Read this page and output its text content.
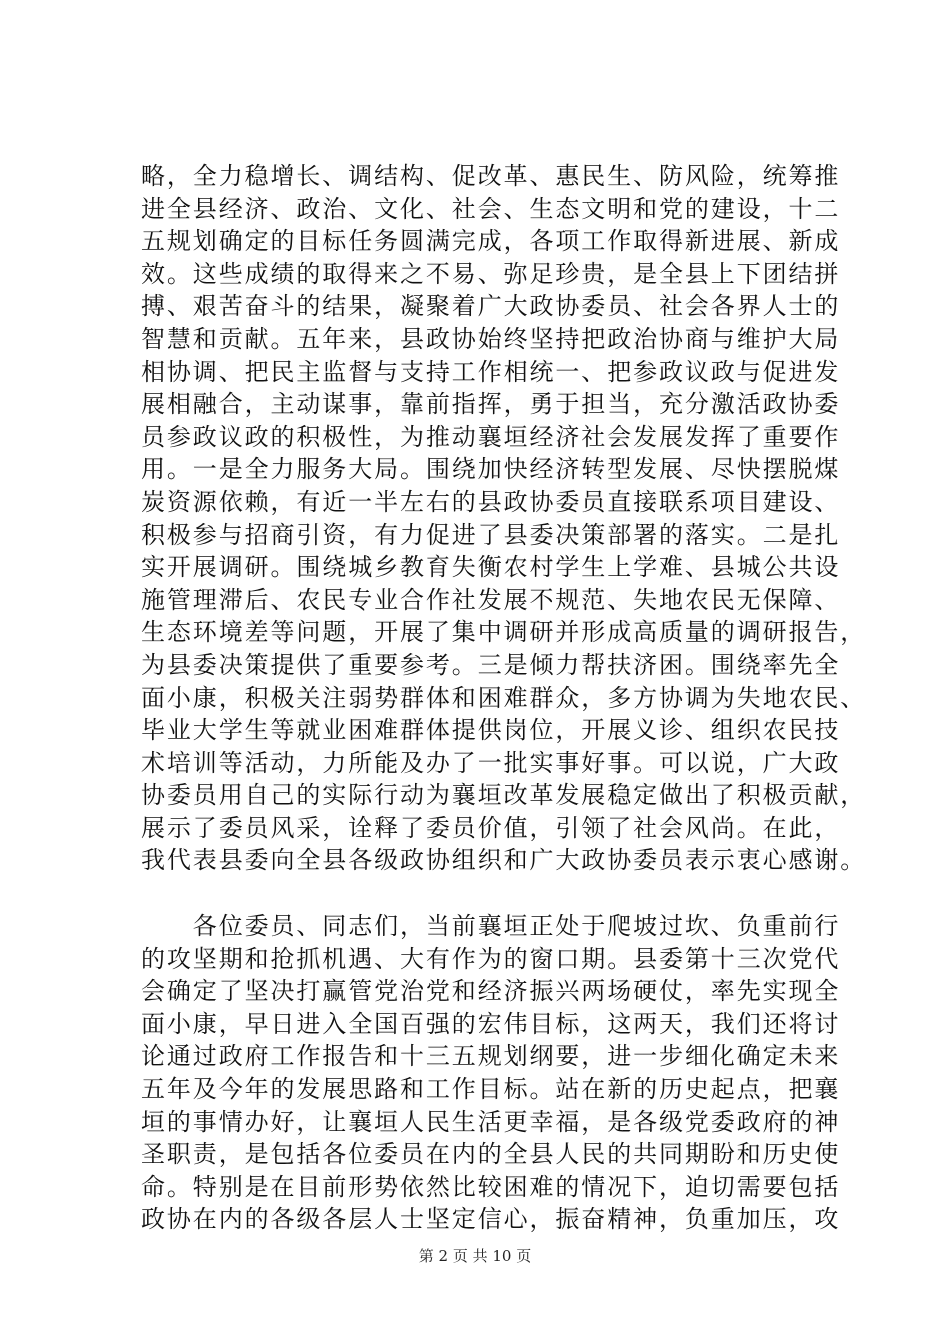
略，全力稳增长、调结构、促改革、惠民生、防风险，统筹推
进全县经济、政治、文化、社会、生态文明和党的建设，十二
五规划确定的目标任务圆满完成，各项工作取得新进展、新成
效。这些成绩的取得来之不易、弥足珍贵，是全县上下团结拼
搏、艰苦奋斗的结果，凝聚着广大政协委员、社会各界人士的
智慧和贡献。五年来，县政协始终坚持把政治协商与维护大局
相协调、把民主监督与支持工作相统一、把参政议政与促进发
展相融合，主动谋事，靠前指挥，勇于担当，充分激活政协委
员参政议政的积极性，为推动襄垣经济社会发展发挥了重要作
用。一是全力服务大局。围绕加快经济转型发展、尽快摆脱煤
炭资源依赖，有近一半左右的县政协委员直接联系项目建设、
积极参与招商引资，有力促进了县委决策部署的落实。二是扎
实开展调研。围绕城乡教育失衡农村学生上学难、县城公共设
施管理滞后、农民专业合作社发展不规范、失地农民无保障、
生态环境差等问题，开展了集中调研并形成高质量的调研报告，
为县委决策提供了重要参考。三是倾力帮扶济困。围绕率先全
面小康，积极关注弱势群体和困难群众，多方协调为失地农民、
毕业大学生等就业困难群体提供岗位，开展义诊、组织农民技
术培训等活动，力所能及办了一批实事好事。可以说，广大政
协委员用自己的实际行动为襄垣改革发展稳定做出了积极贡献，
展示了委员风采，诠释了委员价值，引领了社会风尚。在此，
我代表县委向全县各级政协组织和广大政协委员表示衷心感谢。
　　各位委员、同志们，当前襄垣正处于爬坡过坎、负重前行
的攻坚期和抢抓机遇、大有作为的窗口期。县委第十三次党代
会确定了坚决打赢管党治党和经济振兴两场硬仗，率先实现全
面小康，早日进入全国百强的宏伟目标，这两天，我们还将讨
论通过政府工作报告和十三五规划纲要，进一步细化确定未来
五年及今年的发展思路和工作目标。站在新的历史起点，把襄
垣的事情办好，让襄垣人民生活更幸福，是各级党委政府的神
圣职责，是包括各位委员在内的全县人民的共同期盼和历史使
命。特别是在目前形势依然比较困难的情况下，迫切需要包括
政协在内的各级各层人士坚定信心，振奋精神，负重加压，攻
第 2 页 共 10 页
